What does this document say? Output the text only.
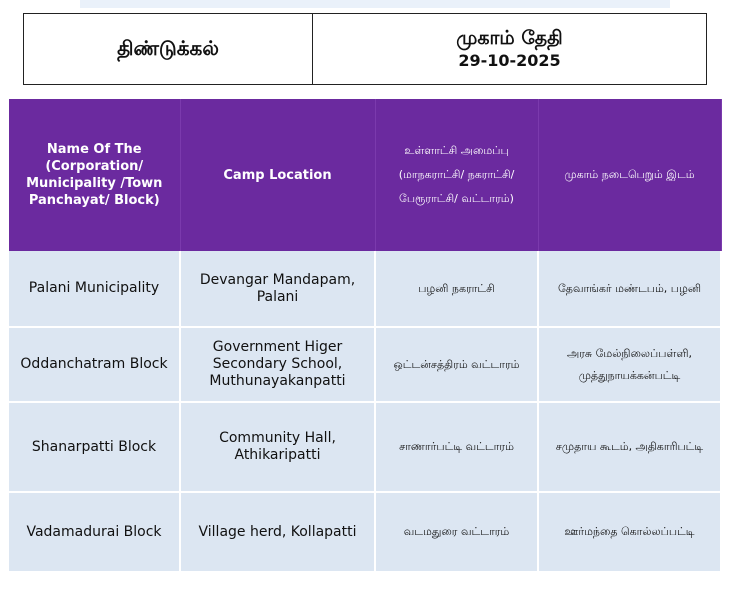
திண்டுக்கல்	முகாம் தேதி
29-10-2025
Name Of The (Corporation/ Municipality /Town Panchayat/ Block)	Camp Location	உள்ளாட்சி அமைப்பு (மாநகராட்சி/ நகராட்சி/ பேரூராட்சி/ வட்டாரம்)	முகாம் நடைபெறும் இடம்
Palani Municipality	Devangar Mandapam, Palani	பழனி நகராட்சி	தேவாங்கர் மண்டபம், பழனி
Oddanchatram Block	Government Higer Secondary School, Muthunayakanpatti	ஒட்டன்சத்திரம் வட்டாரம்	அரசு மேல்நிலைப்பள்ளி, முத்துநாயக்கன்பட்டி
Shanarpatti Block	Community Hall, Athikaripatti	சாணார்பட்டி வட்டாரம்	சமுதாய கூடம், அதிகாரிபட்டி
Vadamadurai Block	Village herd, Kollapatti	வடமதுரை வட்டாரம்	ஊர்மந்தை கொல்லப்பட்டி
